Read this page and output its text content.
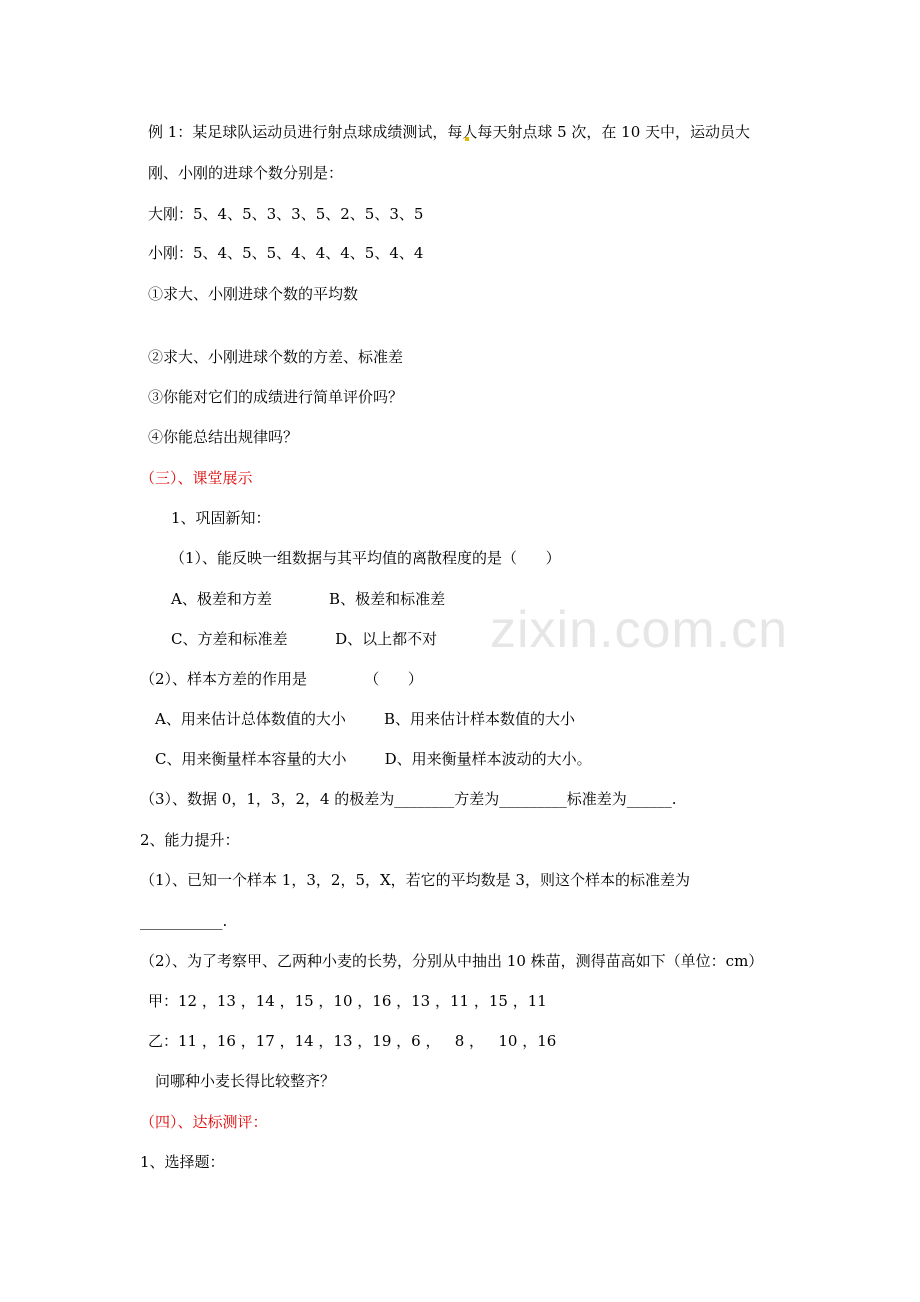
zixin.com.cn
例 1：某足球队运动员进行射点球成绩测试，每人每天射点球 5 次，在 10 天中，运动员大
刚、小刚的进球个数分别是：
大刚：5、4、5、3、3、5、2、5、3、5
小刚：5、4、5、5、4、4、4、5、4、4
①求大、小刚进球个数的平均数
②求大、小刚进球个数的方差、标准差
③你能对它们的成绩进行简单评价吗？
④你能总结出规律吗？
（三）、课堂展示
1、巩固新知：
（1）、能反映一组数据与其平均值的离散程度的是（      ）
A、极差和方差            B、极差和标准差
C、方差和标准差          D、以上都不对
（2）、样本方差的作用是            （      ）
A、用来估计总体数值的大小        B、用来估计样本数值的大小
C、用来衡量样本容量的大小        D、用来衡量样本波动的大小。
（3）、数据 0，1，3，2，4 的极差为________方差为_________标准差为______.
2、能力提升：
（1）、已知一个样本 1，3，2，5，X，若它的平均数是 3，则这个样本的标准差为
___________.
（2）、为了考察甲、乙两种小麦的长势，分别从中抽出 10 株苗，测得苗高如下（单位：cm）
甲：12 ，13 ，14 ，15 ，10 ，16 ，13 ，11 ，15 ，11
乙：11 ，16 ，17 ，14 ，13 ，19 ，6 ，   8 ，   10 ，16
问哪种小麦长得比较整齐？
（四）、达标测评：
1、选择题：
